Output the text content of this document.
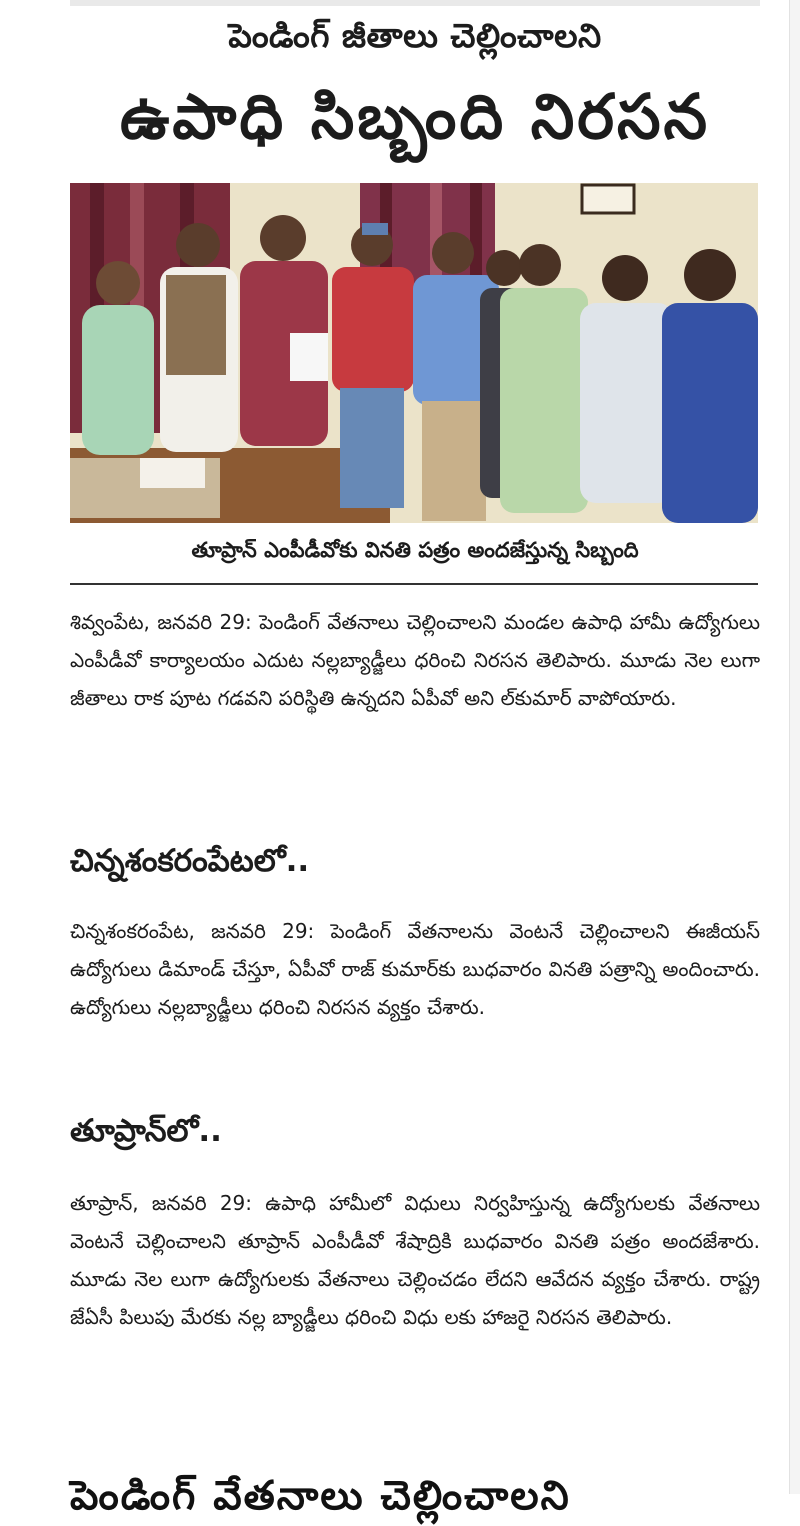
పెండింగ్ జీతాలు చెల్లించాలని
ఉపాధి సిబ్బంది నిరసన
తూప్రాన్ ఎంపీడీవోకు వినతి పత్రం అందజేస్తున్న సిబ్బంది

శివ్వంపేట, జనవరి 29: పెండింగ్ వేతనాలు చెల్లించాలని మండల ఉపాధి హామీ ఉద్యోగులు ఎంపీడీవో కార్యాలయం ఎదుట నల్లబ్యాడ్జీలు ధరించి నిరసన తెలిపారు. మూడు నెల లుగా జీతాలు రాక పూట గడవని పరిస్థితి ఉన్నదని ఏపీవో అని ల్‌కుమార్ వాపోయారు.

చిన్నశంకరంపేటలో..

చిన్నశంకరంపేట, జనవరి 29: పెండింగ్ వేతనాలను వెంటనే చెల్లించాలని ఈజీయస్ ఉద్యోగులు డిమాండ్ చేస్తూ, ఏపీవో రాజ్ కుమార్‌కు బుధవారం వినతి పత్రాన్ని అందించారు. ఉద్యోగులు నల్లబ్యాడ్జీలు ధరించి నిరసన వ్యక్తం చేశారు.

తూప్రాన్‌లో..

తూప్రాన్, జనవరి 29: ఉపాధి హామీలో విధులు నిర్వహిస్తున్న ఉద్యోగులకు వేతనాలు వెంటనే చెల్లించాలని తూప్రాన్ ఎంపీడీవో శేషాద్రికి బుధవారం వినతి పత్రం అందజేశారు. మూడు నెల లుగా ఉద్యోగులకు వేతనాలు చెల్లించడం లేదని ఆవేదన వ్యక్తం చేశారు. రాష్ట్ర జేఏసీ పిలుపు మేరకు నల్ల బ్యాడ్జీలు ధరించి విధు లకు హాజరై నిరసన తెలిపారు.

పెండింగ్ వేతనాలు చెల్లించాలని
